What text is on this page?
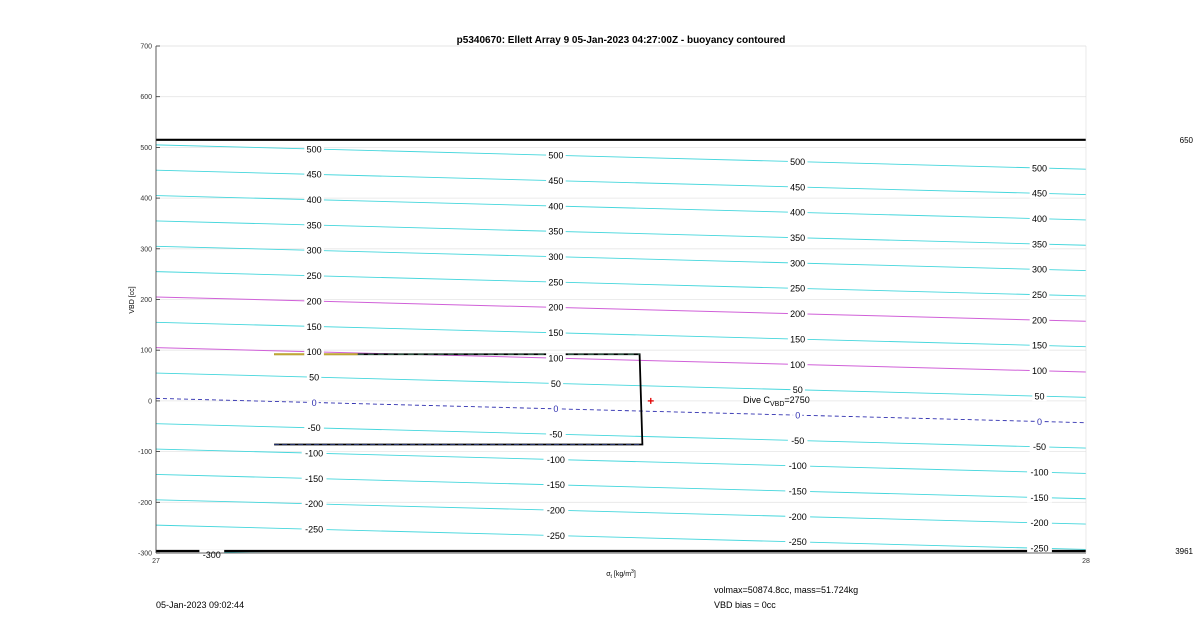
p5340670: Ellett Array 9 05-Jan-2023 04:27:00Z - buoyancy contoured
650
3961
500
450
400
350
300
250
200
150
100
50
0
-50
-100
-150
-200
-250
-300
500
450
400
350
300
250
200
150
100
50
0
-50
-100
-150
-200
-250
500
450
400
350
300
250
200
150
100
50
0
-50
-100
-150
-200
-250
500
450
400
350
300
250
200
150
100
50
0
-50
-100
-150
-200
-250
700
600
500
400
300
200
100
0
-100
-200
-300
27	28
Dive $C_{VBD}=2750$
VBD [cc]
$\sigma_t$ $[kg/m^3]$
05-Jan-2023 09:02:44
volmax=50874.8cc, mass=51.724kg
VBD bias = 0cc
